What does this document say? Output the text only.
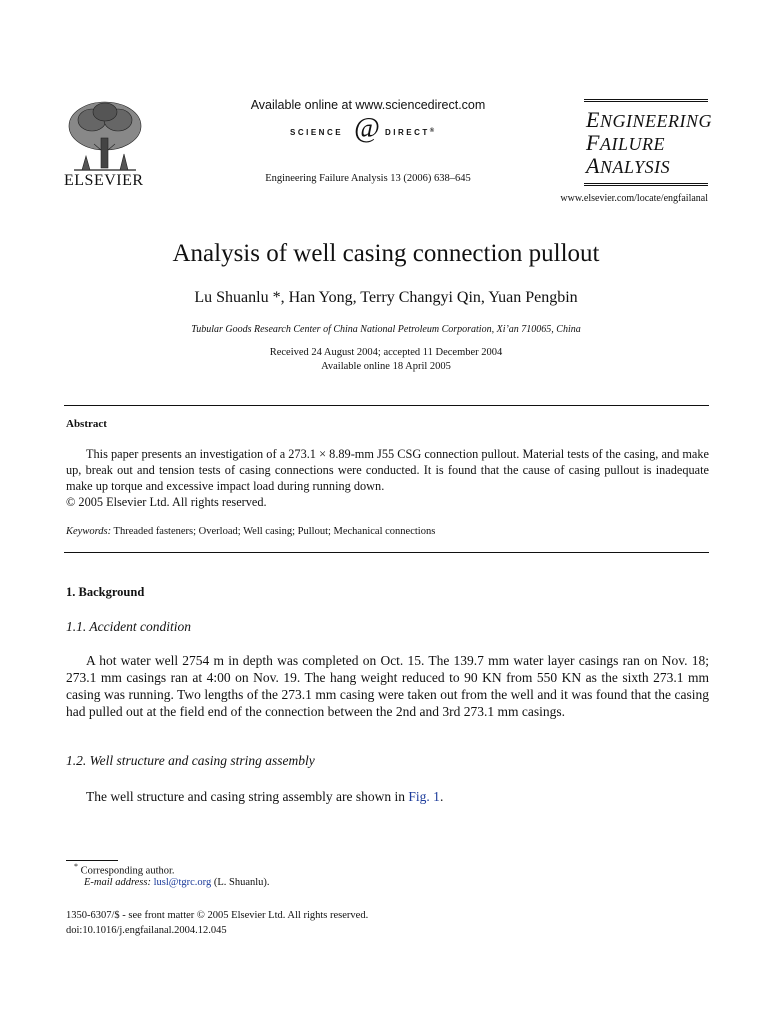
ELSEVIER
Available online at www.sciencedirect.com
SCIENCE @ DIRECT®
Engineering Failure Analysis 13 (2006) 638–645
ENGINEERING
FAILURE
ANALYSIS
www.elsevier.com/locate/engfailanal
Analysis of well casing connection pullout
Lu Shuanlu *, Han Yong, Terry Changyi Qin, Yuan Pengbin
Tubular Goods Research Center of China National Petroleum Corporation, Xi’an 710065, China
Received 24 August 2004; accepted 11 December 2004
Available online 18 April 2005
Abstract
This paper presents an investigation of a 273.1 × 8.89-mm J55 CSG connection pullout. Material tests of the casing, and make up, break out and tension tests of casing connections were conducted. It is found that the cause of casing pullout is inadequate make up torque and excessive impact load during running down.
© 2005 Elsevier Ltd. All rights reserved.
Keywords: Threaded fasteners; Overload; Well casing; Pullout; Mechanical connections
1. Background
1.1. Accident condition
A hot water well 2754 m in depth was completed on Oct. 15. The 139.7 mm water layer casings ran on Nov. 18; 273.1 mm casings ran at 4:00 on Nov. 19. The hang weight reduced to 90 KN from 550 KN as the sixth 273.1 mm casing was running. Two lengths of the 273.1 mm casing were taken out from the well and it was found that the casing had pulled out at the field end of the connection between the 2nd and 3rd 273.1 mm casings.
1.2. Well structure and casing string assembly
The well structure and casing string assembly are shown in Fig. 1.
* Corresponding author.
E-mail address: lusl@tgrc.org (L. Shuanlu).
1350-6307/$ - see front matter © 2005 Elsevier Ltd. All rights reserved.
doi:10.1016/j.engfailanal.2004.12.045
